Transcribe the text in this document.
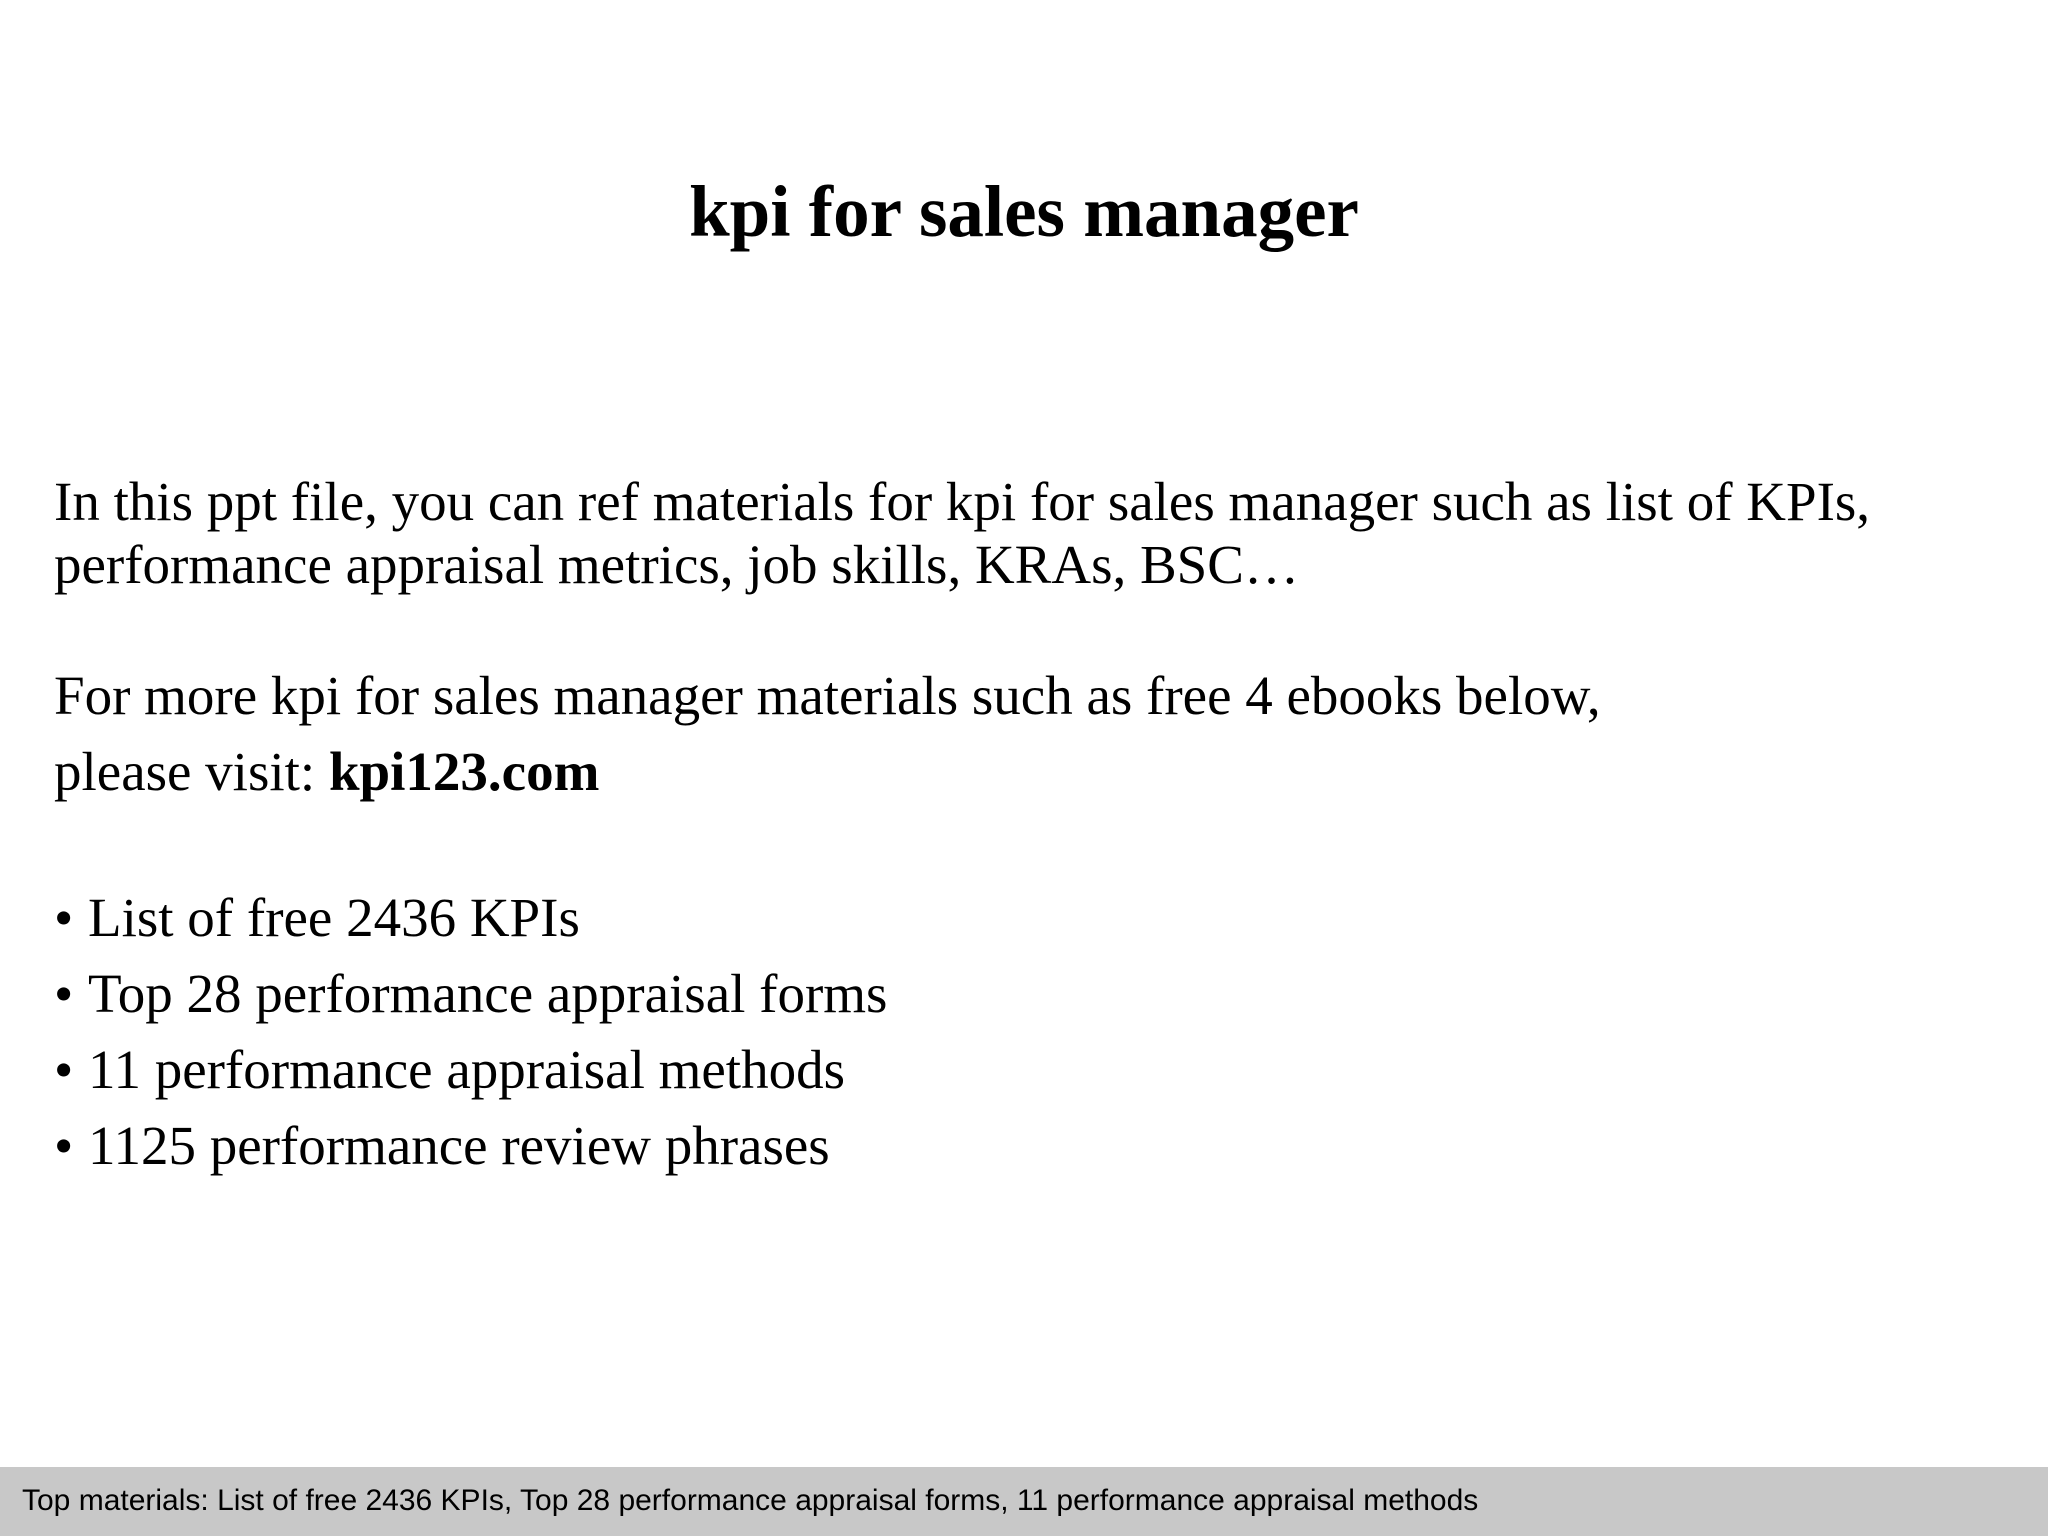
kpi for sales manager

In this ppt file, you can ref materials for kpi for sales manager such as list of KPIs,
performance appraisal metrics, job skills, KRAs, BSC…

For more kpi for sales manager materials such as free 4 ebooks below,
please visit: kpi123.com

• List of free 2436 KPIs
• Top 28 performance appraisal forms
• 11 performance appraisal methods
• 1125 performance review phrases
Top materials: List of free 2436 KPIs, Top 28 performance appraisal forms, 11 performance appraisal methods
